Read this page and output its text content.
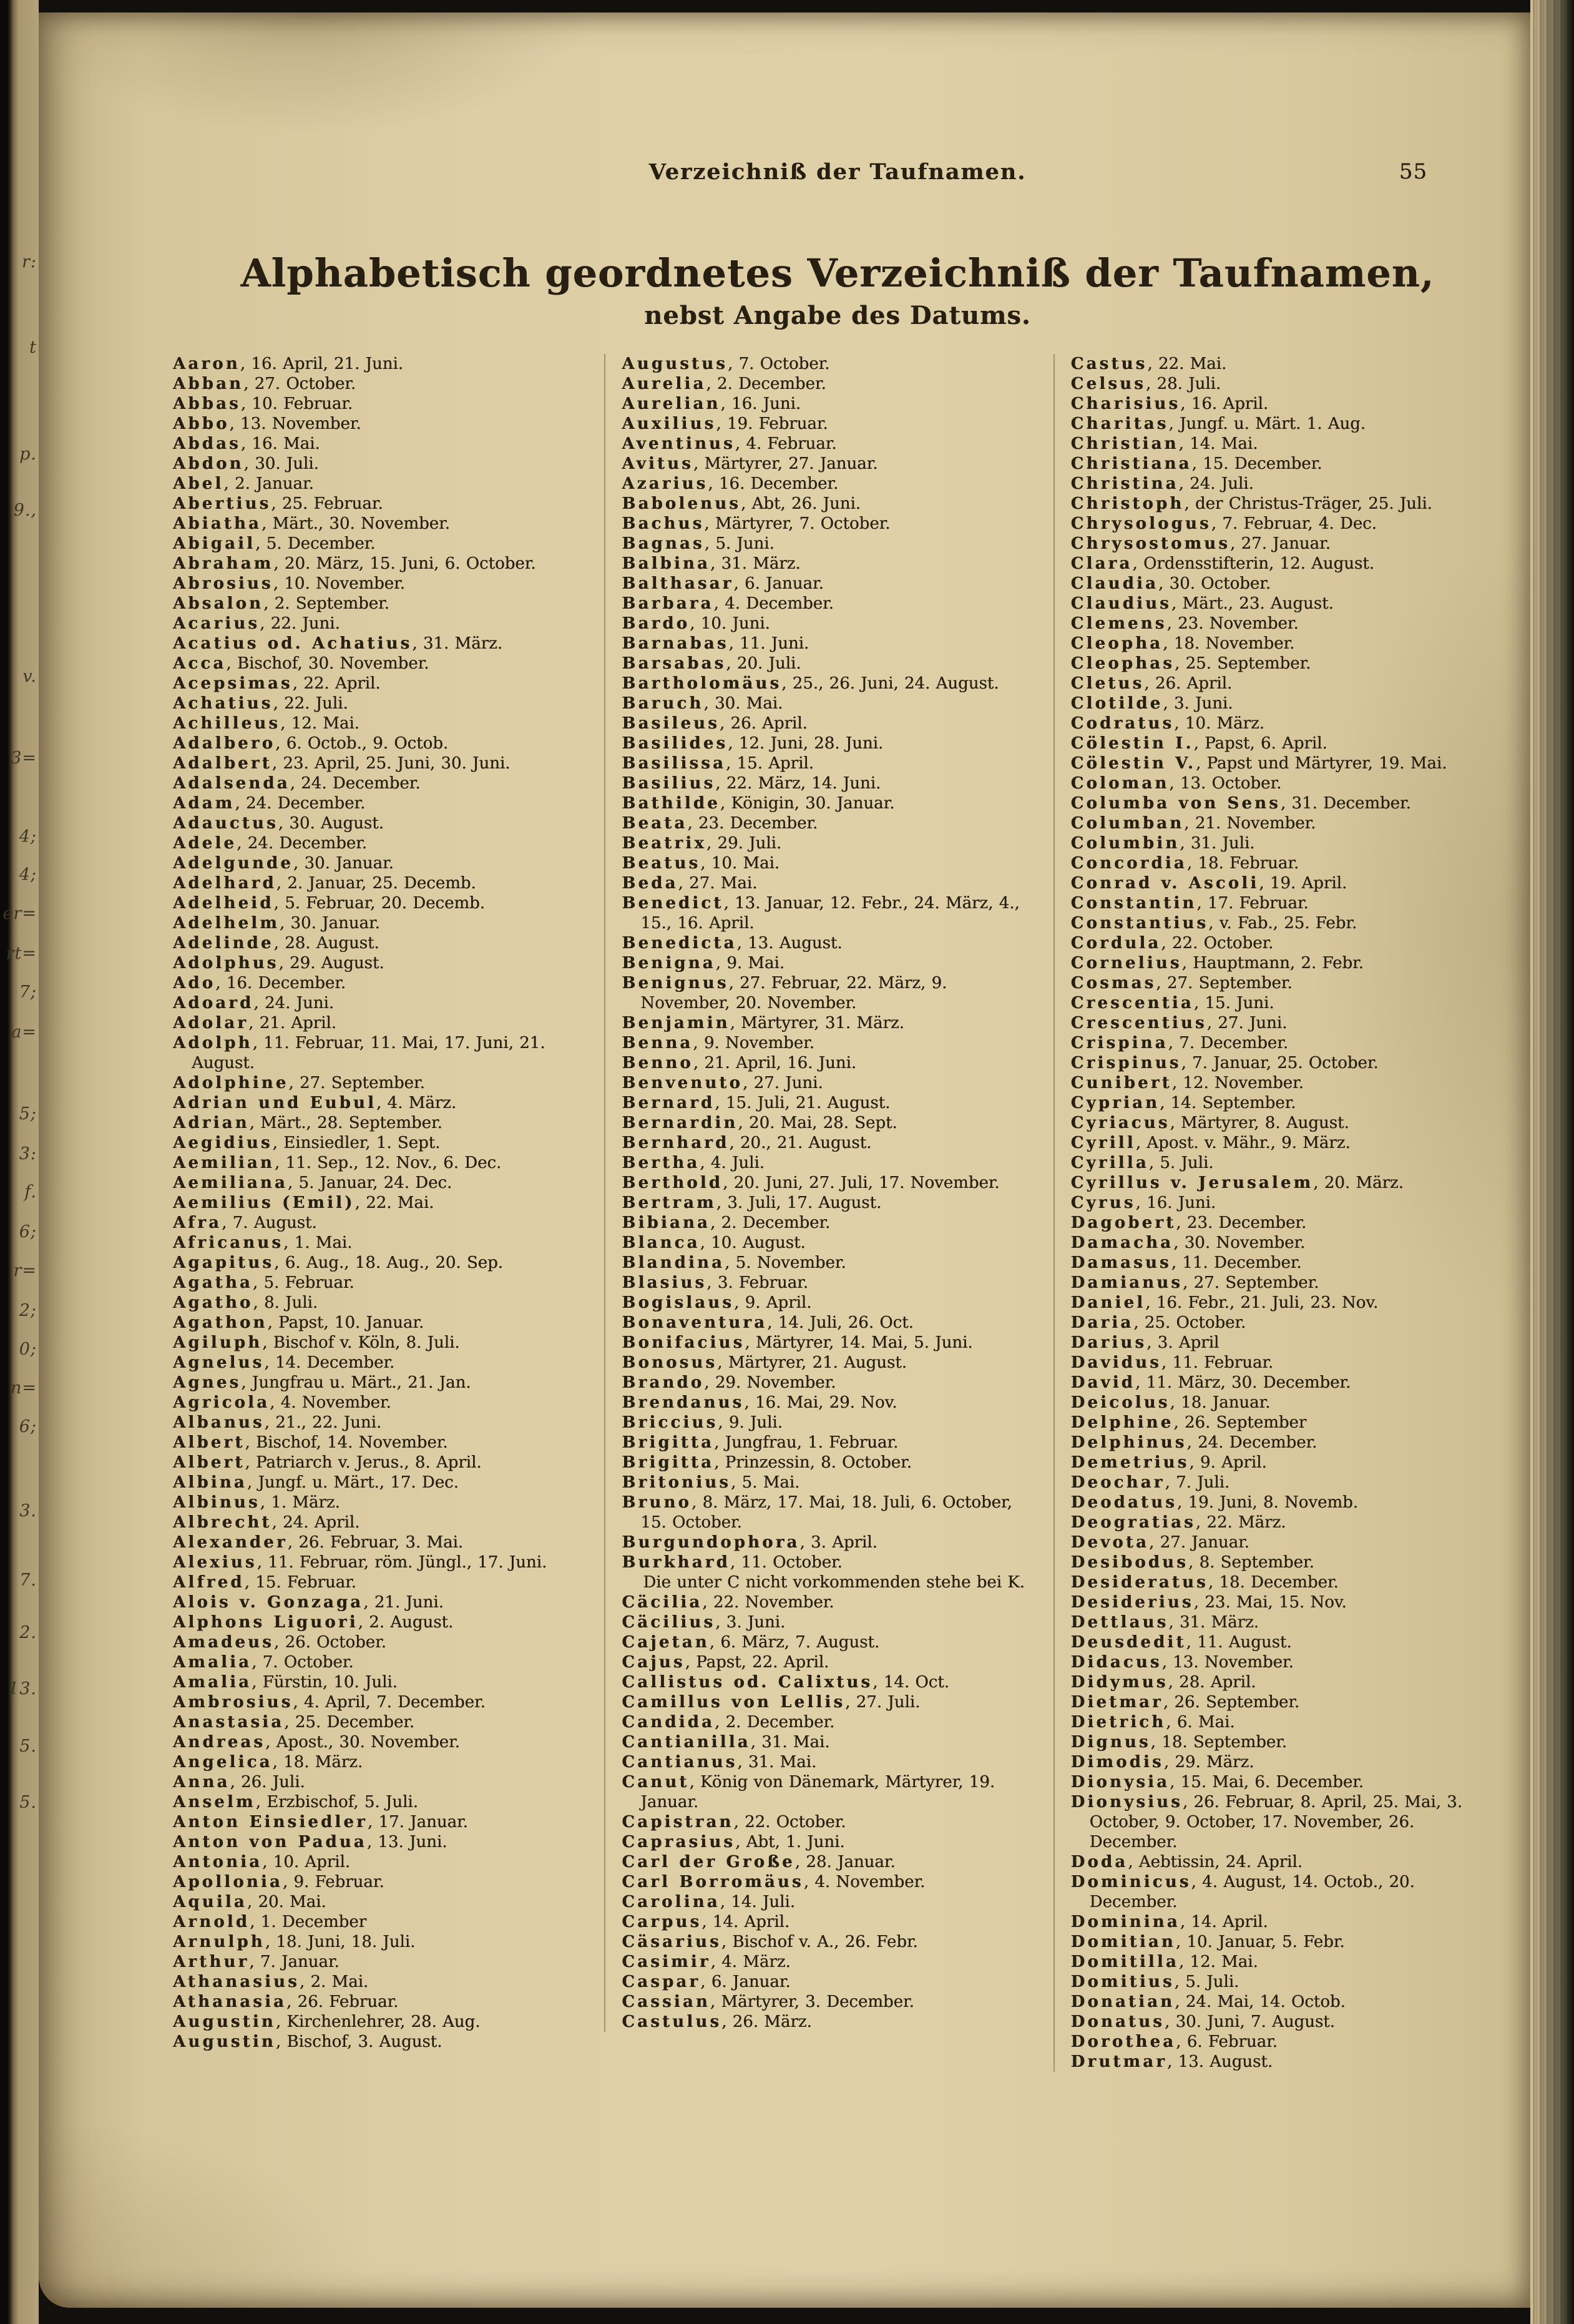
r:
t
p.
9.,
v.
3=
4;
4;
er=
rt=
7;
a=
5;
3:
f.
6;
r=
2;
0;
n=
6;
3.
7.
2.
13.
5.
5.
Verzeichniß der Taufnamen.	55
Alphabetisch geordnetes Verzeichniß der Taufnamen,
nebst Angabe des Datums.
Aaron, 16. April, 21. Juni.
Abban, 27. October.
Abbas, 10. Februar.
Abbo, 13. November.
Abdas, 16. Mai.
Abdon, 30. Juli.
Abel, 2. Januar.
Abertius, 25. Februar.
Abiatha, Märt., 30. November.
Abigail, 5. December.
Abraham, 20. März, 15. Juni, 6. October.
Abrosius, 10. November.
Absalon, 2. September.
Acarius, 22. Juni.
Acatius od. Achatius, 31. März.
Acca, Bischof, 30. November.
Acepsimas, 22. April.
Achatius, 22. Juli.
Achilleus, 12. Mai.
Adalbero, 6. Octob., 9. Octob.
Adalbert, 23. April, 25. Juni, 30. Juni.
Adalsenda, 24. December.
Adam, 24. December.
Adauctus, 30. August.
Adele, 24. December.
Adelgunde, 30. Januar.
Adelhard, 2. Januar, 25. Decemb.
Adelheid, 5. Februar, 20. Decemb.
Adelhelm, 30. Januar.
Adelinde, 28. August.
Adolphus, 29. August.
Ado, 16. December.
Adoard, 24. Juni.
Adolar, 21. April.
Adolph, 11. Februar, 11. Mai, 17. Juni, 21. August.
Adolphine, 27. September.
Adrian und Eubul, 4. März.
Adrian, Märt., 28. September.
Aegidius, Einsiedler, 1. Sept.
Aemilian, 11. Sep., 12. Nov., 6. Dec.
Aemiliana, 5. Januar, 24. Dec.
Aemilius (Emil), 22. Mai.
Afra, 7. August.
Africanus, 1. Mai.
Agapitus, 6. Aug., 18. Aug., 20. Sep.
Agatha, 5. Februar.
Agatho, 8. Juli.
Agathon, Papst, 10. Januar.
Agiluph, Bischof v. Köln, 8. Juli.
Agnelus, 14. December.
Agnes, Jungfrau u. Märt., 21. Jan.
Agricola, 4. November.
Albanus, 21., 22. Juni.
Albert, Bischof, 14. November.
Albert, Patriarch v. Jerus., 8. April.
Albina, Jungf. u. Märt., 17. Dec.
Albinus, 1. März.
Albrecht, 24. April.
Alexander, 26. Februar, 3. Mai.
Alexius, 11. Februar, röm. Jüngl., 17. Juni.
Alfred, 15. Februar.
Alois v. Gonzaga, 21. Juni.
Alphons Liguori, 2. August.
Amadeus, 26. October.
Amalia, 7. October.
Amalia, Fürstin, 10. Juli.
Ambrosius, 4. April, 7. December.
Anastasia, 25. December.
Andreas, Apost., 30. November.
Angelica, 18. März.
Anna, 26. Juli.
Anselm, Erzbischof, 5. Juli.
Anton Einsiedler, 17. Januar.
Anton von Padua, 13. Juni.
Antonia, 10. April.
Apollonia, 9. Februar.
Aquila, 20. Mai.
Arnold, 1. December
Arnulph, 18. Juni, 18. Juli.
Arthur, 7. Januar.
Athanasius, 2. Mai.
Athanasia, 26. Februar.
Augustin, Kirchenlehrer, 28. Aug.
Augustin, Bischof, 3. August.
Augustus, 7. October.
Aurelia, 2. December.
Aurelian, 16. Juni.
Auxilius, 19. Februar.
Aventinus, 4. Februar.
Avitus, Märtyrer, 27. Januar.
Azarius, 16. December.
Babolenus, Abt, 26. Juni.
Bachus, Märtyrer, 7. October.
Bagnas, 5. Juni.
Balbina, 31. März.
Balthasar, 6. Januar.
Barbara, 4. December.
Bardo, 10. Juni.
Barnabas, 11. Juni.
Barsabas, 20. Juli.
Bartholomäus, 25., 26. Juni, 24. August.
Baruch, 30. Mai.
Basileus, 26. April.
Basilides, 12. Juni, 28. Juni.
Basilissa, 15. April.
Basilius, 22. März, 14. Juni.
Bathilde, Königin, 30. Januar.
Beata, 23. December.
Beatrix, 29. Juli.
Beatus, 10. Mai.
Beda, 27. Mai.
Benedict, 13. Januar, 12. Febr., 24. März, 4., 15., 16. April.
Benedicta, 13. August.
Benigna, 9. Mai.
Benignus, 27. Februar, 22. März, 9. November, 20. November.
Benjamin, Märtyrer, 31. März.
Benna, 9. November.
Benno, 21. April, 16. Juni.
Benvenuto, 27. Juni.
Bernard, 15. Juli, 21. August.
Bernardin, 20. Mai, 28. Sept.
Bernhard, 20., 21. August.
Bertha, 4. Juli.
Berthold, 20. Juni, 27. Juli, 17. November.
Bertram, 3. Juli, 17. August.
Bibiana, 2. December.
Blanca, 10. August.
Blandina, 5. November.
Blasius, 3. Februar.
Bogislaus, 9. April.
Bonaventura, 14. Juli, 26. Oct.
Bonifacius, Märtyrer, 14. Mai, 5. Juni.
Bonosus, Märtyrer, 21. August.
Brando, 29. November.
Brendanus, 16. Mai, 29. Nov.
Briccius, 9. Juli.
Brigitta, Jungfrau, 1. Februar.
Brigitta, Prinzessin, 8. October.
Britonius, 5. Mai.
Bruno, 8. März, 17. Mai, 18. Juli, 6. October, 15. October.
Burgundophora, 3. April.
Burkhard, 11. October.
Die unter C nicht vorkommenden stehe bei K.
Cäcilia, 22. November.
Cäcilius, 3. Juni.
Cajetan, 6. März, 7. August.
Cajus, Papst, 22. April.
Callistus od. Calixtus, 14. Oct.
Camillus von Lellis, 27. Juli.
Candida, 2. December.
Cantianilla, 31. Mai.
Cantianus, 31. Mai.
Canut, König von Dänemark, Märtyrer, 19. Januar.
Capistran, 22. October.
Caprasius, Abt, 1. Juni.
Carl der Große, 28. Januar.
Carl Borromäus, 4. November.
Carolina, 14. Juli.
Carpus, 14. April.
Cäsarius, Bischof v. A., 26. Febr.
Casimir, 4. März.
Caspar, 6. Januar.
Cassian, Märtyrer, 3. December.
Castulus, 26. März.
Castus, 22. Mai.
Celsus, 28. Juli.
Charisius, 16. April.
Charitas, Jungf. u. Märt. 1. Aug.
Christian, 14. Mai.
Christiana, 15. December.
Christina, 24. Juli.
Christoph, der Christus-Träger, 25. Juli.
Chrysologus, 7. Februar, 4. Dec.
Chrysostomus, 27. Januar.
Clara, Ordensstifterin, 12. August.
Claudia, 30. October.
Claudius, Märt., 23. August.
Clemens, 23. November.
Cleopha, 18. November.
Cleophas, 25. September.
Cletus, 26. April.
Clotilde, 3. Juni.
Codratus, 10. März.
Cölestin I., Papst, 6. April.
Cölestin V., Papst und Märtyrer, 19. Mai.
Coloman, 13. October.
Columba von Sens, 31. December.
Columban, 21. November.
Columbin, 31. Juli.
Concordia, 18. Februar.
Conrad v. Ascoli, 19. April.
Constantin, 17. Februar.
Constantius, v. Fab., 25. Febr.
Cordula, 22. October.
Cornelius, Hauptmann, 2. Febr.
Cosmas, 27. September.
Crescentia, 15. Juni.
Crescentius, 27. Juni.
Crispina, 7. December.
Crispinus, 7. Januar, 25. October.
Cunibert, 12. November.
Cyprian, 14. September.
Cyriacus, Märtyrer, 8. August.
Cyrill, Apost. v. Mähr., 9. März.
Cyrilla, 5. Juli.
Cyrillus v. Jerusalem, 20. März.
Cyrus, 16. Juni.
Dagobert, 23. December.
Damacha, 30. November.
Damasus, 11. December.
Damianus, 27. September.
Daniel, 16. Febr., 21. Juli, 23. Nov.
Daria, 25. October.
Darius, 3. April
Davidus, 11. Februar.
David, 11. März, 30. December.
Deicolus, 18. Januar.
Delphine, 26. September
Delphinus, 24. December.
Demetrius, 9. April.
Deochar, 7. Juli.
Deodatus, 19. Juni, 8. Novemb.
Deogratias, 22. März.
Devota, 27. Januar.
Desibodus, 8. September.
Desideratus, 18. December.
Desiderius, 23. Mai, 15. Nov.
Dettlaus, 31. März.
Deusdedit, 11. August.
Didacus, 13. November.
Didymus, 28. April.
Dietmar, 26. September.
Dietrich, 6. Mai.
Dignus, 18. September.
Dimodis, 29. März.
Dionysia, 15. Mai, 6. December.
Dionysius, 26. Februar, 8. April, 25. Mai, 3. October, 9. October, 17. November, 26. December.
Doda, Aebtissin, 24. April.
Dominicus, 4. August, 14. Octob., 20. December.
Dominina, 14. April.
Domitian, 10. Januar, 5. Febr.
Domitilla, 12. Mai.
Domitius, 5. Juli.
Donatian, 24. Mai, 14. Octob.
Donatus, 30. Juni, 7. August.
Dorothea, 6. Februar.
Drutmar, 13. August.
